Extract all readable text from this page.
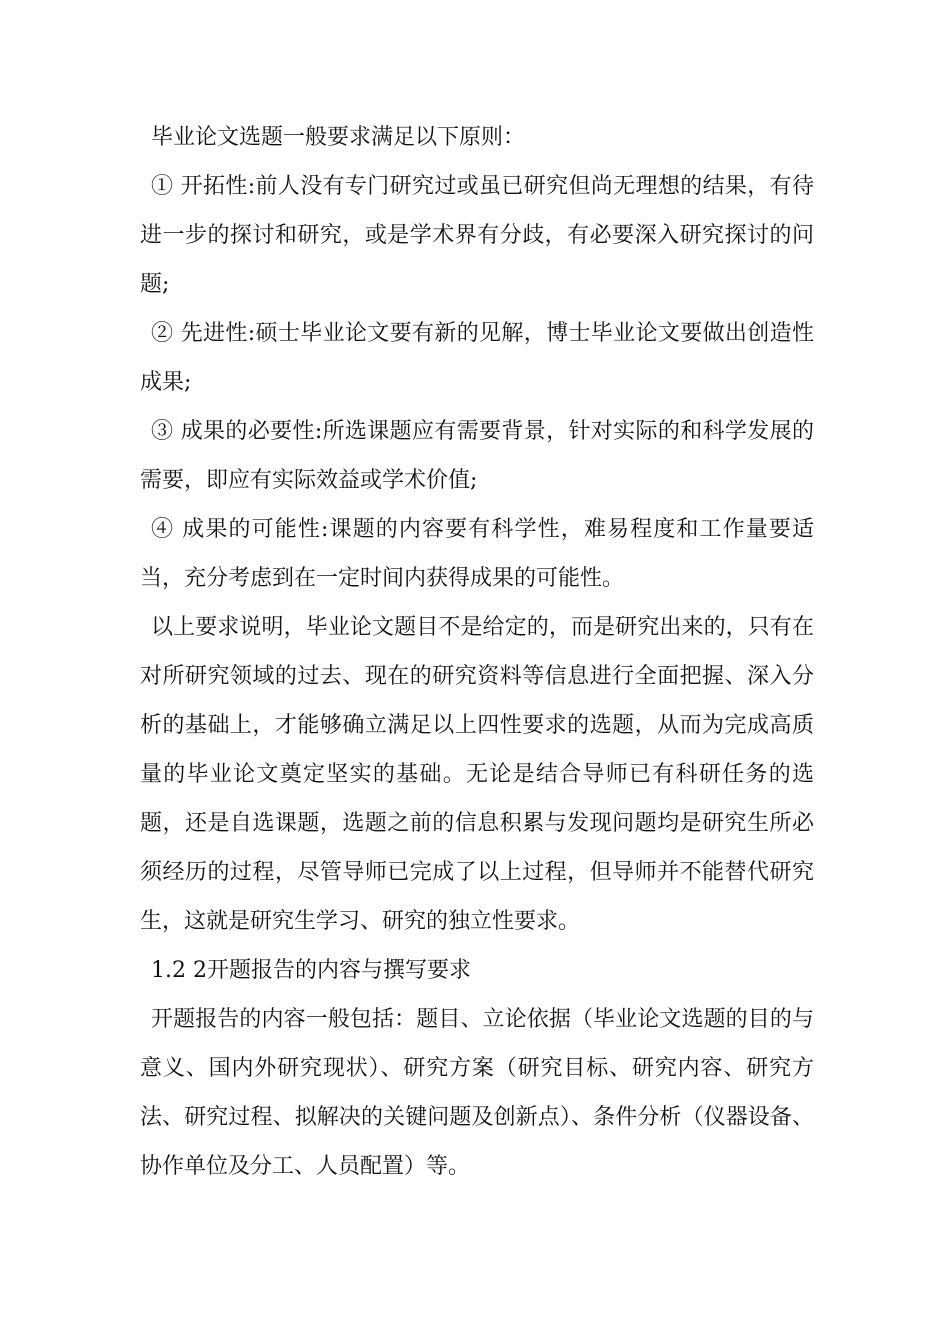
毕业论文选题一般要求满足以下原则：

① 开拓性:前人没有专门研究过或虽已研究但尚无理想的结果，有待进一步的探讨和研究，或是学术界有分歧，有必要深入研究探讨的问题;

② 先进性:硕士毕业论文要有新的见解，博士毕业论文要做出创造性成果;

③ 成果的必要性:所选课题应有需要背景，针对实际的和科学发展的需要，即应有实际效益或学术价值;

④ 成果的可能性:课题的内容要有科学性，难易程度和工作量要适当，充分考虑到在一定时间内获得成果的可能性。

以上要求说明，毕业论文题目不是给定的，而是研究出来的，只有在对所研究领域的过去、现在的研究资料等信息进行全面把握、深入分析的基础上，才能够确立满足以上四性要求的选题，从而为完成高质量的毕业论文奠定坚实的基础。无论是结合导师已有科研任务的选题，还是自选课题，选题之前的信息积累与发现问题均是研究生所必须经历的过程，尽管导师已完成了以上过程，但导师并不能替代研究生，这就是研究生学习、研究的独立性要求。

1.2 2开题报告的内容与撰写要求

开题报告的内容一般包括：题目、立论依据（毕业论文选题的目的与意义、国内外研究现状）、研究方案（研究目标、研究内容、研究方法、研究过程、拟解决的关键问题及创新点）、条件分析（仪器设备、协作单位及分工、人员配置）等。
